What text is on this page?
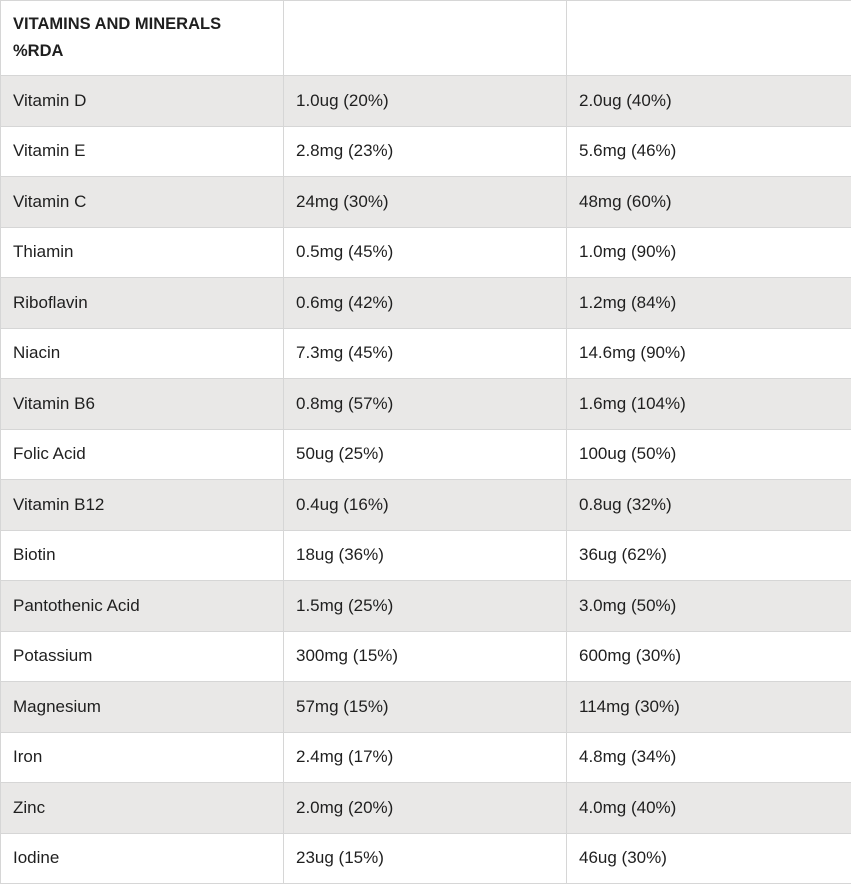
VITAMINS AND MINERALS
%RDA		
Vitamin D	1.0ug (20%)	2.0ug (40%)
Vitamin E	2.8mg (23%)	5.6mg (46%)
Vitamin C	24mg (30%)	48mg (60%)
Thiamin	0.5mg (45%)	1.0mg (90%)
Riboflavin	0.6mg (42%)	1.2mg (84%)
Niacin	7.3mg (45%)	14.6mg (90%)
Vitamin B6	0.8mg (57%)	1.6mg (104%)
Folic Acid	50ug (25%)	100ug (50%)
Vitamin B12	0.4ug (16%)	0.8ug (32%)
Biotin	18ug (36%)	36ug (62%)
Pantothenic Acid	1.5mg (25%)	3.0mg (50%)
Potassium	300mg (15%)	600mg (30%)
Magnesium	57mg (15%)	114mg (30%)
Iron	2.4mg (17%)	4.8mg (34%)
Zinc	2.0mg (20%)	4.0mg (40%)
Iodine	23ug (15%)	46ug (30%)
